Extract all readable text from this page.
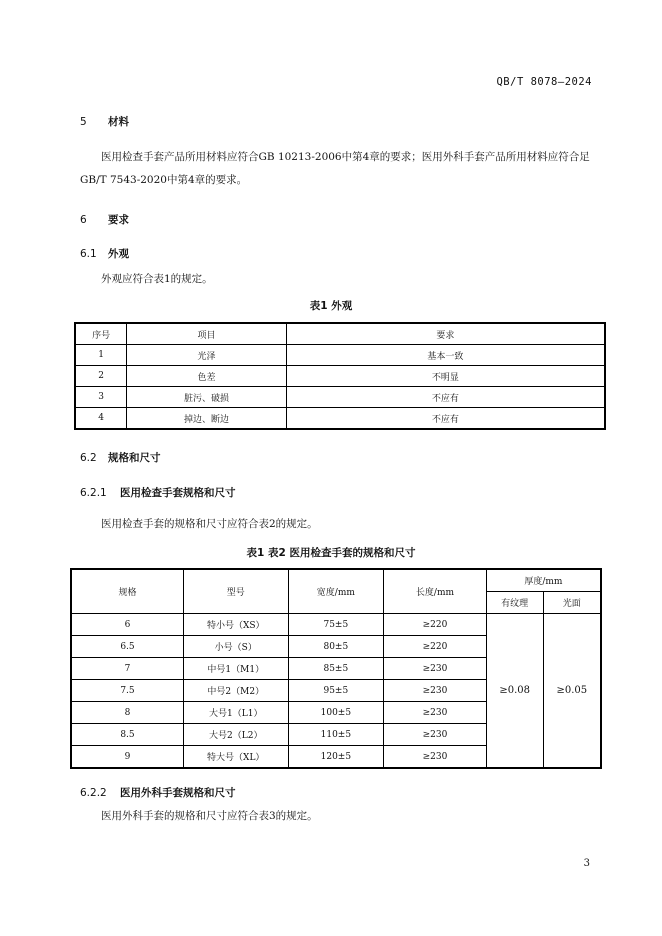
QB/T 8078—2024
5 材料
医用检查手套产品所用材料应符合GB 10213-2006中第4章的要求；医用外科手套产品所用材料应符合足GB/T 7543-2020中第4章的要求。
6 要求
6.1 外观
外观应符合表1的规定。
表1 外观
序号	项目	要求
1	光泽	基本一致
2	色差	不明显
3	脏污、破损	不应有
4	掉边、断边	不应有
6.2 规格和尺寸
6.2.1 医用检查手套规格和尺寸
医用检查手套的规格和尺寸应符合表2的规定。
表1 表2 医用检查手套的规格和尺寸
规格	型号	宽度/mm	长度/mm	厚度/mm	
				有纹理	光面
6	特小号（XS）	75±5	≥220	≥0.08	≥0.05
6.5	小号（S）	80±5	≥220		
7	中号1（M1）	85±5	≥230		
7.5	中号2（M2）	95±5	≥230		
8	大号1（L1）	100±5	≥230		
8.5	大号2（L2）	110±5	≥230		
9	特大号（XL）	120±5	≥230		
6.2.2 医用外科手套规格和尺寸
医用外科手套的规格和尺寸应符合表3的规定。
3
